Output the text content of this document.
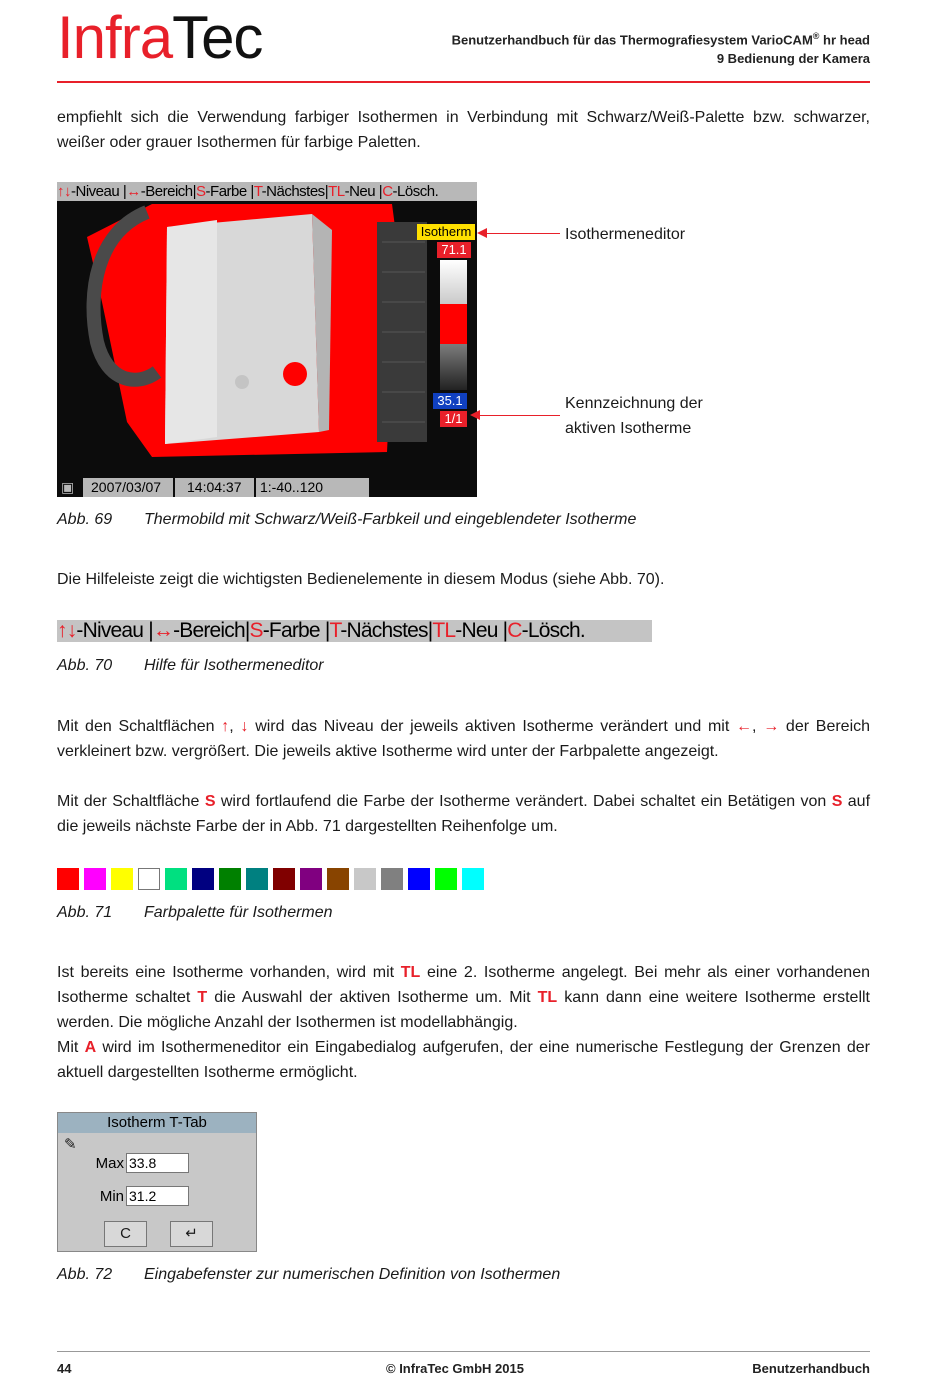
InfraTec	Benutzerhandbuch für das Thermografiesystem VarioCAM® hr head
9 Bedienung der Kamera
empfiehlt sich die Verwendung farbiger Isothermen in Verbindung mit Schwarz/Weiß-Palette bzw. schwarzer, weißer oder grauer Isothermen für farbige Paletten.
↑↓-Niveau |↔-Bereich|S-Farbe |T-Nächstes|TL-Neu |C-Lösch.
Isotherm
71.1
35.1
1/1
▣ 2007/03/07 14:04:37 1:-40..120
Isothermeneditor
Kennzeichnung der
aktiven Isotherme
Abb. 69 Thermobild mit Schwarz/Weiß-Farbkeil und eingeblendeter Isotherme
Die Hilfeleiste zeigt die wichtigsten Bedienelemente in diesem Modus (siehe Abb. 70).
↑↓-Niveau |↔-Bereich|S-Farbe |T-Nächstes|TL-Neu |C-Lösch.
Abb. 70 Hilfe für Isothermeneditor
Mit den Schaltflächen ↑, ↓ wird das Niveau der jeweils aktiven Isotherme verändert und mit ←, → der Bereich verkleinert bzw. vergrößert. Die jeweils aktive Isotherme wird unter der Farbpalette angezeigt.
Mit der Schaltfläche S wird fortlaufend die Farbe der Isotherme verändert. Dabei schaltet ein Betätigen von S auf die jeweils nächste Farbe der in Abb. 71 dargestellten Reihenfolge um.
Abb. 71 Farbpalette für Isothermen
Ist bereits eine Isotherme vorhanden, wird mit TL eine 2. Isotherme angelegt. Bei mehr als einer vorhandenen Isotherme schaltet T die Auswahl der aktiven Isotherme um. Mit TL kann dann eine weitere Isotherme erstellt werden. Die mögliche Anzahl der Isothermen ist modellabhängig.
Mit A wird im Isothermeneditor ein Eingabedialog aufgerufen, der eine numerische Festlegung der Grenzen der aktuell dargestellten Isotherme ermöglicht.
Isotherm T-Tab
✎
Max 33.8
Min 31.2
C	↵
Abb. 72 Eingabefenster zur numerischen Definition von Isothermen
44	© InfraTec GmbH 2015	Benutzerhandbuch
